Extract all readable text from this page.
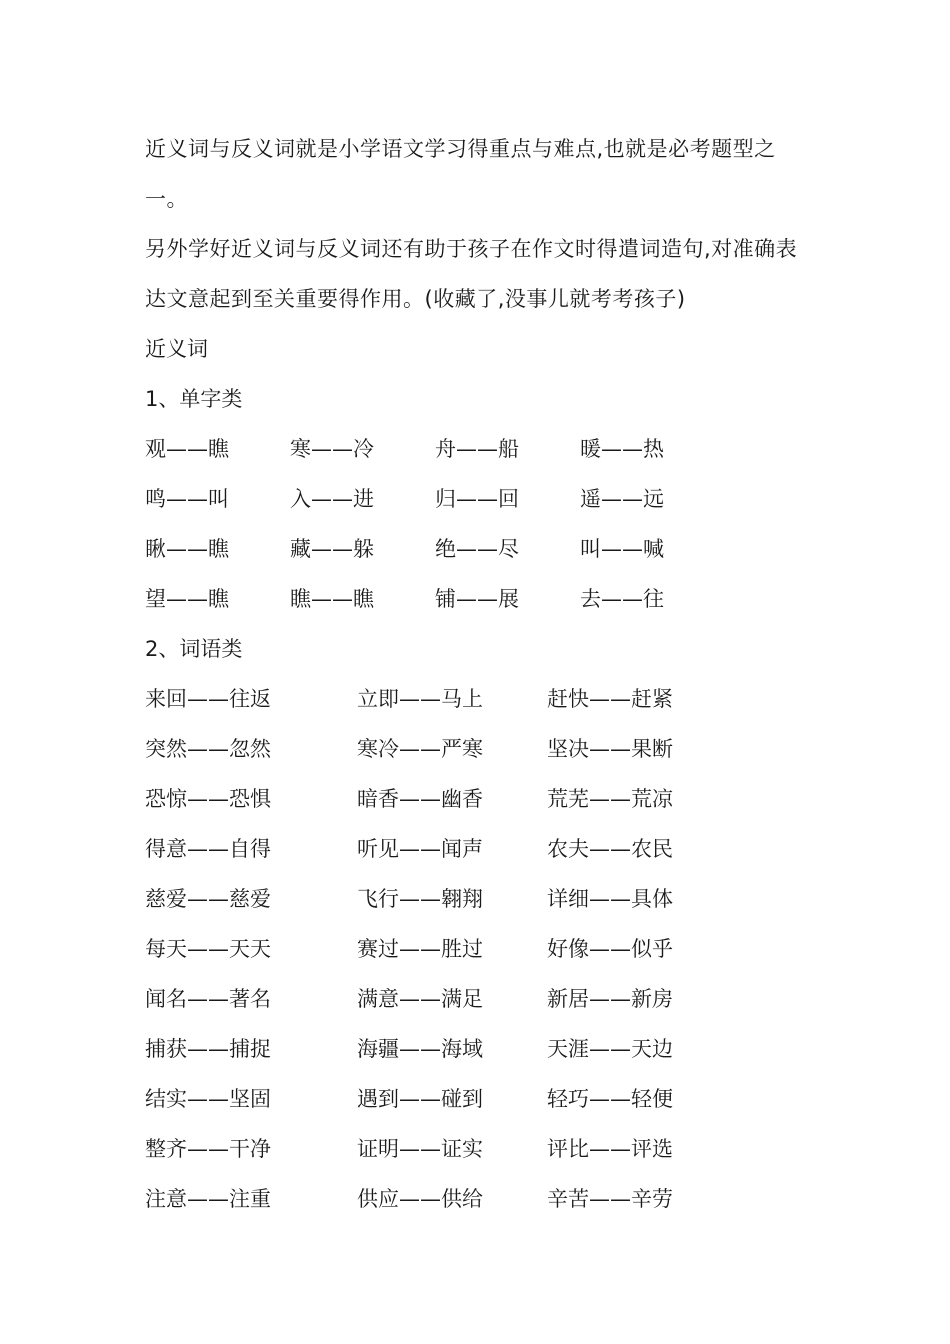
近义词与反义词就是小学语文学习得重点与难点,也就是必考题型之一。

另外学好近义词与反义词还有助于孩子在作文时得遣词造句,对准确表达文意起到至关重要得作用。(收藏了,没事儿就考考孩子)

近义词

1、单字类

观——瞧	寒——冷	舟——船	暖——热
鸣——叫	入——进	归——回	遥——远
瞅——瞧	藏——躲	绝——尽	叫——喊
望——瞧	瞧——瞧	铺——展	去——往

2、词语类

来回——往返	立即——马上	赶快——赶紧
突然——忽然	寒冷——严寒	坚决——果断
恐惊——恐惧	暗香——幽香	荒芜——荒凉
得意——自得	听见——闻声	农夫——农民
慈爱——慈爱	飞行——翱翔	详细——具体
每天——天天	赛过——胜过	好像——似乎
闻名——著名	满意——满足	新居——新房
捕获——捕捉	海疆——海域	天涯——天边
结实——坚固	遇到——碰到	轻巧——轻便
整齐——干净	证明——证实	评比——评选
注意——注重	供应——供给	辛苦——辛劳
